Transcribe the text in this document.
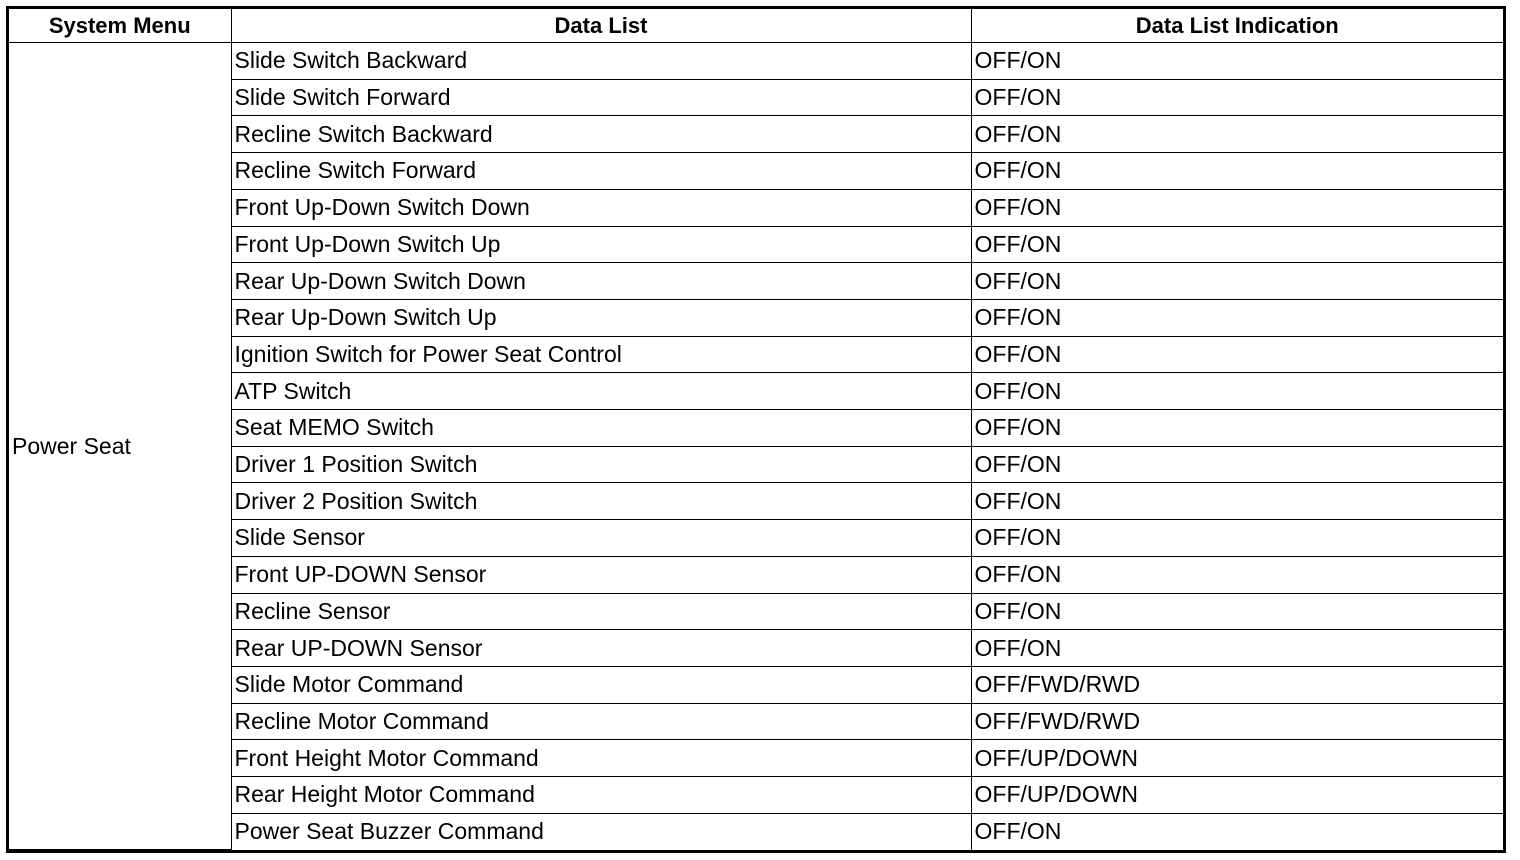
System Menu	Data List	Data List Indication
Power Seat	Slide Switch Backward	OFF/ON
	Slide Switch Forward	OFF/ON
	Recline Switch Backward	OFF/ON
	Recline Switch Forward	OFF/ON
	Front Up-Down Switch Down	OFF/ON
	Front Up-Down Switch Up	OFF/ON
	Rear Up-Down Switch Down	OFF/ON
	Rear Up-Down Switch Up	OFF/ON
	Ignition Switch for Power Seat Control	OFF/ON
	ATP Switch	OFF/ON
	Seat MEMO Switch	OFF/ON
	Driver 1 Position Switch	OFF/ON
	Driver 2 Position Switch	OFF/ON
	Slide Sensor	OFF/ON
	Front UP-DOWN Sensor	OFF/ON
	Recline Sensor	OFF/ON
	Rear UP-DOWN Sensor	OFF/ON
	Slide Motor Command	OFF/FWD/RWD
	Recline Motor Command	OFF/FWD/RWD
	Front Height Motor Command	OFF/UP/DOWN
	Rear Height Motor Command	OFF/UP/DOWN
	Power Seat Buzzer Command	OFF/ON
